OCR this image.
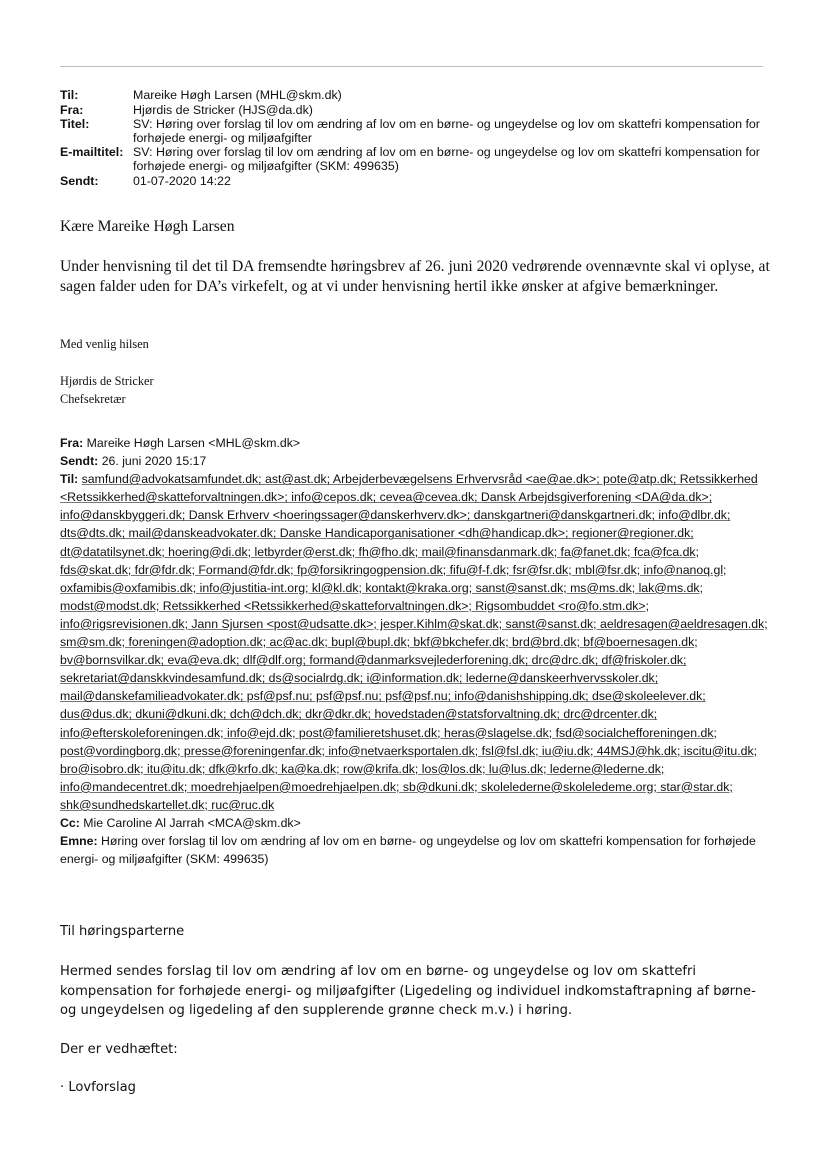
Til:	Mareike Høgh Larsen (MHL@skm.dk)
Fra:	Hjørdis de Stricker (HJS@da.dk)
Titel:	SV: Høring over forslag til lov om ændring af lov om en børne- og ungeydelse og lov om skattefri kompensation for forhøjede energi- og miljøafgifter
E-mailtitel: SV: Høring over forslag til lov om ændring af lov om en børne- og ungeydelse og lov om skattefri kompensation for forhøjede energi- og miljøafgifter (SKM: 499635)
Sendt:	01-07-2020 14:22
Kære Mareike Høgh Larsen
Under henvisning til det til DA fremsendte høringsbrev af 26. juni 2020 vedrørende ovennævnte skal vi oplyse, at sagen falder uden for DA’s virkefelt, og at vi under henvisning hertil ikke ønsker at afgive bemærkninger.
Med venlig hilsen
Hjørdis de Stricker
Chefsekretær
Fra: Mareike Høgh Larsen <MHL@skm.dk>
Sendt: 26. juni 2020 15:17
Til: samfund@advokatsamfundet.dk; ast@ast.dk; Arbejderbevægelsens Erhvervsråd <ae@ae.dk>; pote@atp.dk; Retssikkerhed <Retssikkerhed@skatteforvaltningen.dk>; info@cepos.dk; cevea@cevea.dk; Dansk Arbejdsgiverforening <DA@da.dk>; info@danskbyggeri.dk; Dansk Erhverv <hoeringssager@danskerhverv.dk>; danskgartneri@danskgartneri.dk; info@dlbr.dk; dts@dts.dk; mail@danskeadvokater.dk; Danske Handicaporganisationer <dh@handicap.dk>; regioner@regioner.dk; dt@datatilsynet.dk; hoering@di.dk; letbyrder@erst.dk; fh@fho.dk; mail@finansdanmark.dk; fa@fanet.dk; fca@fca.dk; fds@skat.dk; fdr@fdr.dk; Formand@fdr.dk; fp@forsikringogpension.dk; fifu@f-f.dk; fsr@fsr.dk; mbl@fsr.dk; info@nanoq.gl; oxfamibis@oxfamibis.dk; info@justitia-int.org; kl@kl.dk; kontakt@kraka.org; sanst@sanst.dk; ms@ms.dk; lak@ms.dk; modst@modst.dk; Retssikkerhed <Retssikkerhed@skatteforvaltningen.dk>; Rigsombuddet <ro@fo.stm.dk>; info@rigsrevisionen.dk; Jann Sjursen <post@udsatte.dk>; jesper.Kihlm@skat.dk; sanst@sanst.dk; aeldresagen@aeldresagen.dk; sm@sm.dk; foreningen@adoption.dk; ac@ac.dk; bupl@bupl.dk; bkf@bkchefer.dk; brd@brd.dk; bf@boernesagen.dk; bv@bornsvilkar.dk; eva@eva.dk; dlf@dlf.org; formand@danmarksvejlederforening.dk; drc@drc.dk; df@friskoler.dk; sekretariat@danskkvindesamfund.dk; ds@socialrdg.dk; i@information.dk; lederne@danskeerhvervsskoler.dk; mail@danskefamilieadvokater.dk; psf@psf.nu; psf@psf.nu; psf@psf.nu; info@danishshipping.dk; dse@skoleelever.dk; dus@dus.dk; dkuni@dkuni.dk; dch@dch.dk; dkr@dkr.dk; hovedstaden@statsforvaltning.dk; drc@drcenter.dk; info@efterskoleforeningen.dk; info@ejd.dk; post@familieretshuset.dk; heras@slagelse.dk; fsd@socialchefforeningen.dk; post@vordingborg.dk; presse@foreningenfar.dk; info@netvaerksportalen.dk; fsl@fsl.dk; iu@iu.dk; 44MSJ@hk.dk; iscitu@itu.dk; bro@isobro.dk; itu@itu.dk; dfk@krfo.dk; ka@ka.dk; row@krifa.dk; los@los.dk; lu@lus.dk; lederne@lederne.dk; info@mandecentret.dk; moedrehjaelpen@moedrehjaelpen.dk; sb@dkuni.dk; skolelederne@skoleledeme.org; star@star.dk; shk@sundhedskartellet.dk; ruc@ruc.dk
Cc: Mie Caroline Al Jarrah <MCA@skm.dk>
Emne: Høring over forslag til lov om ændring af lov om en børne- og ungeydelse og lov om skattefri kompensation for forhøjede energi- og miljøafgifter (SKM: 499635)
Til høringsparterne
Hermed sendes forslag til lov om ændring af lov om en børne- og ungeydelse og lov om skattefri kompensation for forhøjede energi- og miljøafgifter (Ligedeling og individuel indkomstaftrapning af børne- og ungeydelsen og ligedeling af den supplerende grønne check m.v.) i høring.
Der er vedhæftet:
· Lovforslag
